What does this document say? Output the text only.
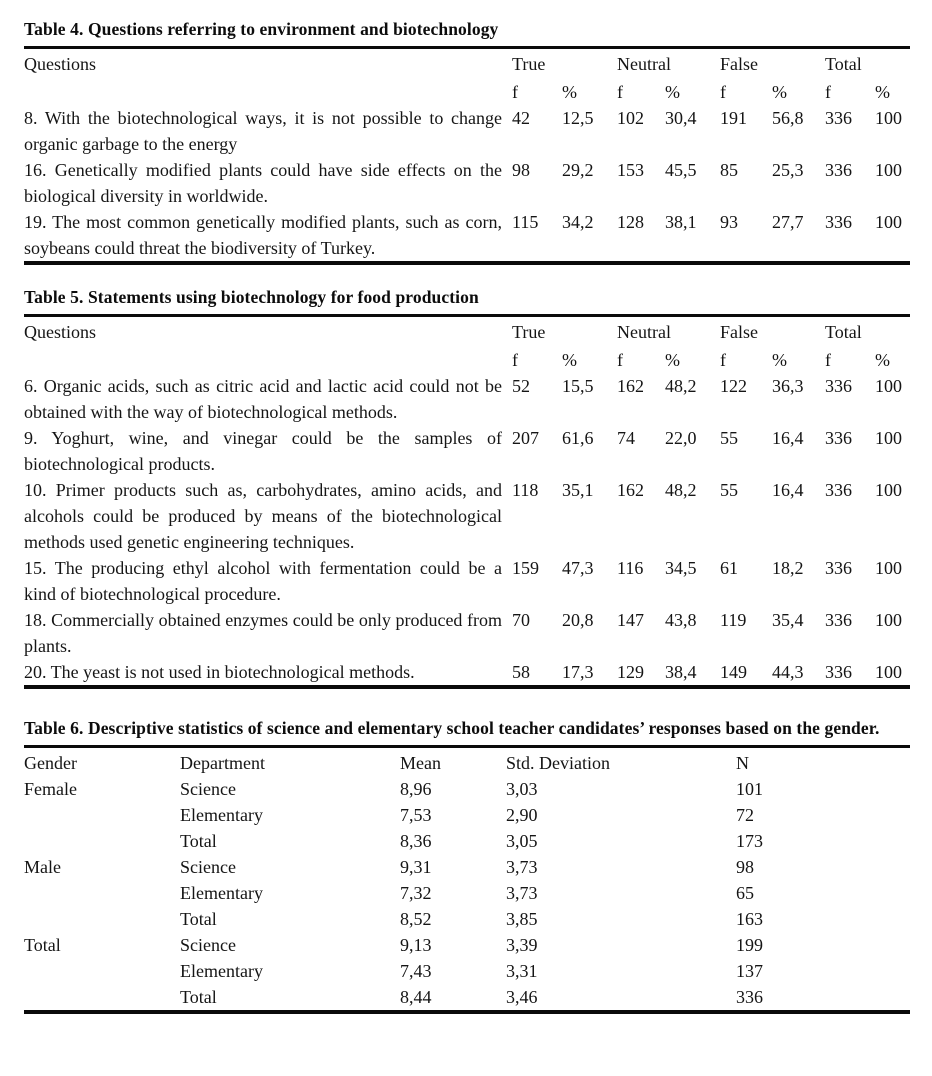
Table 4. Questions referring to environment and biotechnology
Questions	True		Neutral		False		Total	
	f	%	f	%	f	%	f	%
8. With the biotechnological ways, it is not possible to change organic garbage to the energy	42	12,5	102	30,4	191	56,8	336	100
16. Genetically modified plants could have side effects on the biological diversity in worldwide.	98	29,2	153	45,5	85	25,3	336	100
19. The most common genetically modified plants, such as corn, soybeans could threat the biodiversity of Turkey.	115	34,2	128	38,1	93	27,7	336	100
Table 5. Statements using biotechnology for food production
Questions	True		Neutral		False		Total	
	f	%	f	%	f	%	f	%
6. Organic acids, such as citric acid and lactic acid could not be obtained with the way of biotechnological methods.	52	15,5	162	48,2	122	36,3	336	100
9. Yoghurt, wine, and vinegar could be the samples of biotechnological products.	207	61,6	74	22,0	55	16,4	336	100
10. Primer products such as, carbohydrates, amino acids, and alcohols could be produced by means of the biotechnological methods used genetic engineering techniques.	118	35,1	162	48,2	55	16,4	336	100
15. The producing ethyl alcohol with fermentation could be a kind of biotechnological procedure.	159	47,3	116	34,5	61	18,2	336	100
18. Commercially obtained enzymes could be only produced from plants.	70	20,8	147	43,8	119	35,4	336	100
20. The yeast is not used in biotechnological methods.	58	17,3	129	38,4	149	44,3	336	100
Table 6. Descriptive statistics of science and elementary school teacher candidates’ responses based on the gender.
Gender	Department	Mean	Std. Deviation	N
Female	Science	8,96	3,03	101
	Elementary	7,53	2,90	72
	Total	8,36	3,05	173
Male	Science	9,31	3,73	98
	Elementary	7,32	3,73	65
	Total	8,52	3,85	163
Total	Science	9,13	3,39	199
	Elementary	7,43	3,31	137
	Total	8,44	3,46	336
